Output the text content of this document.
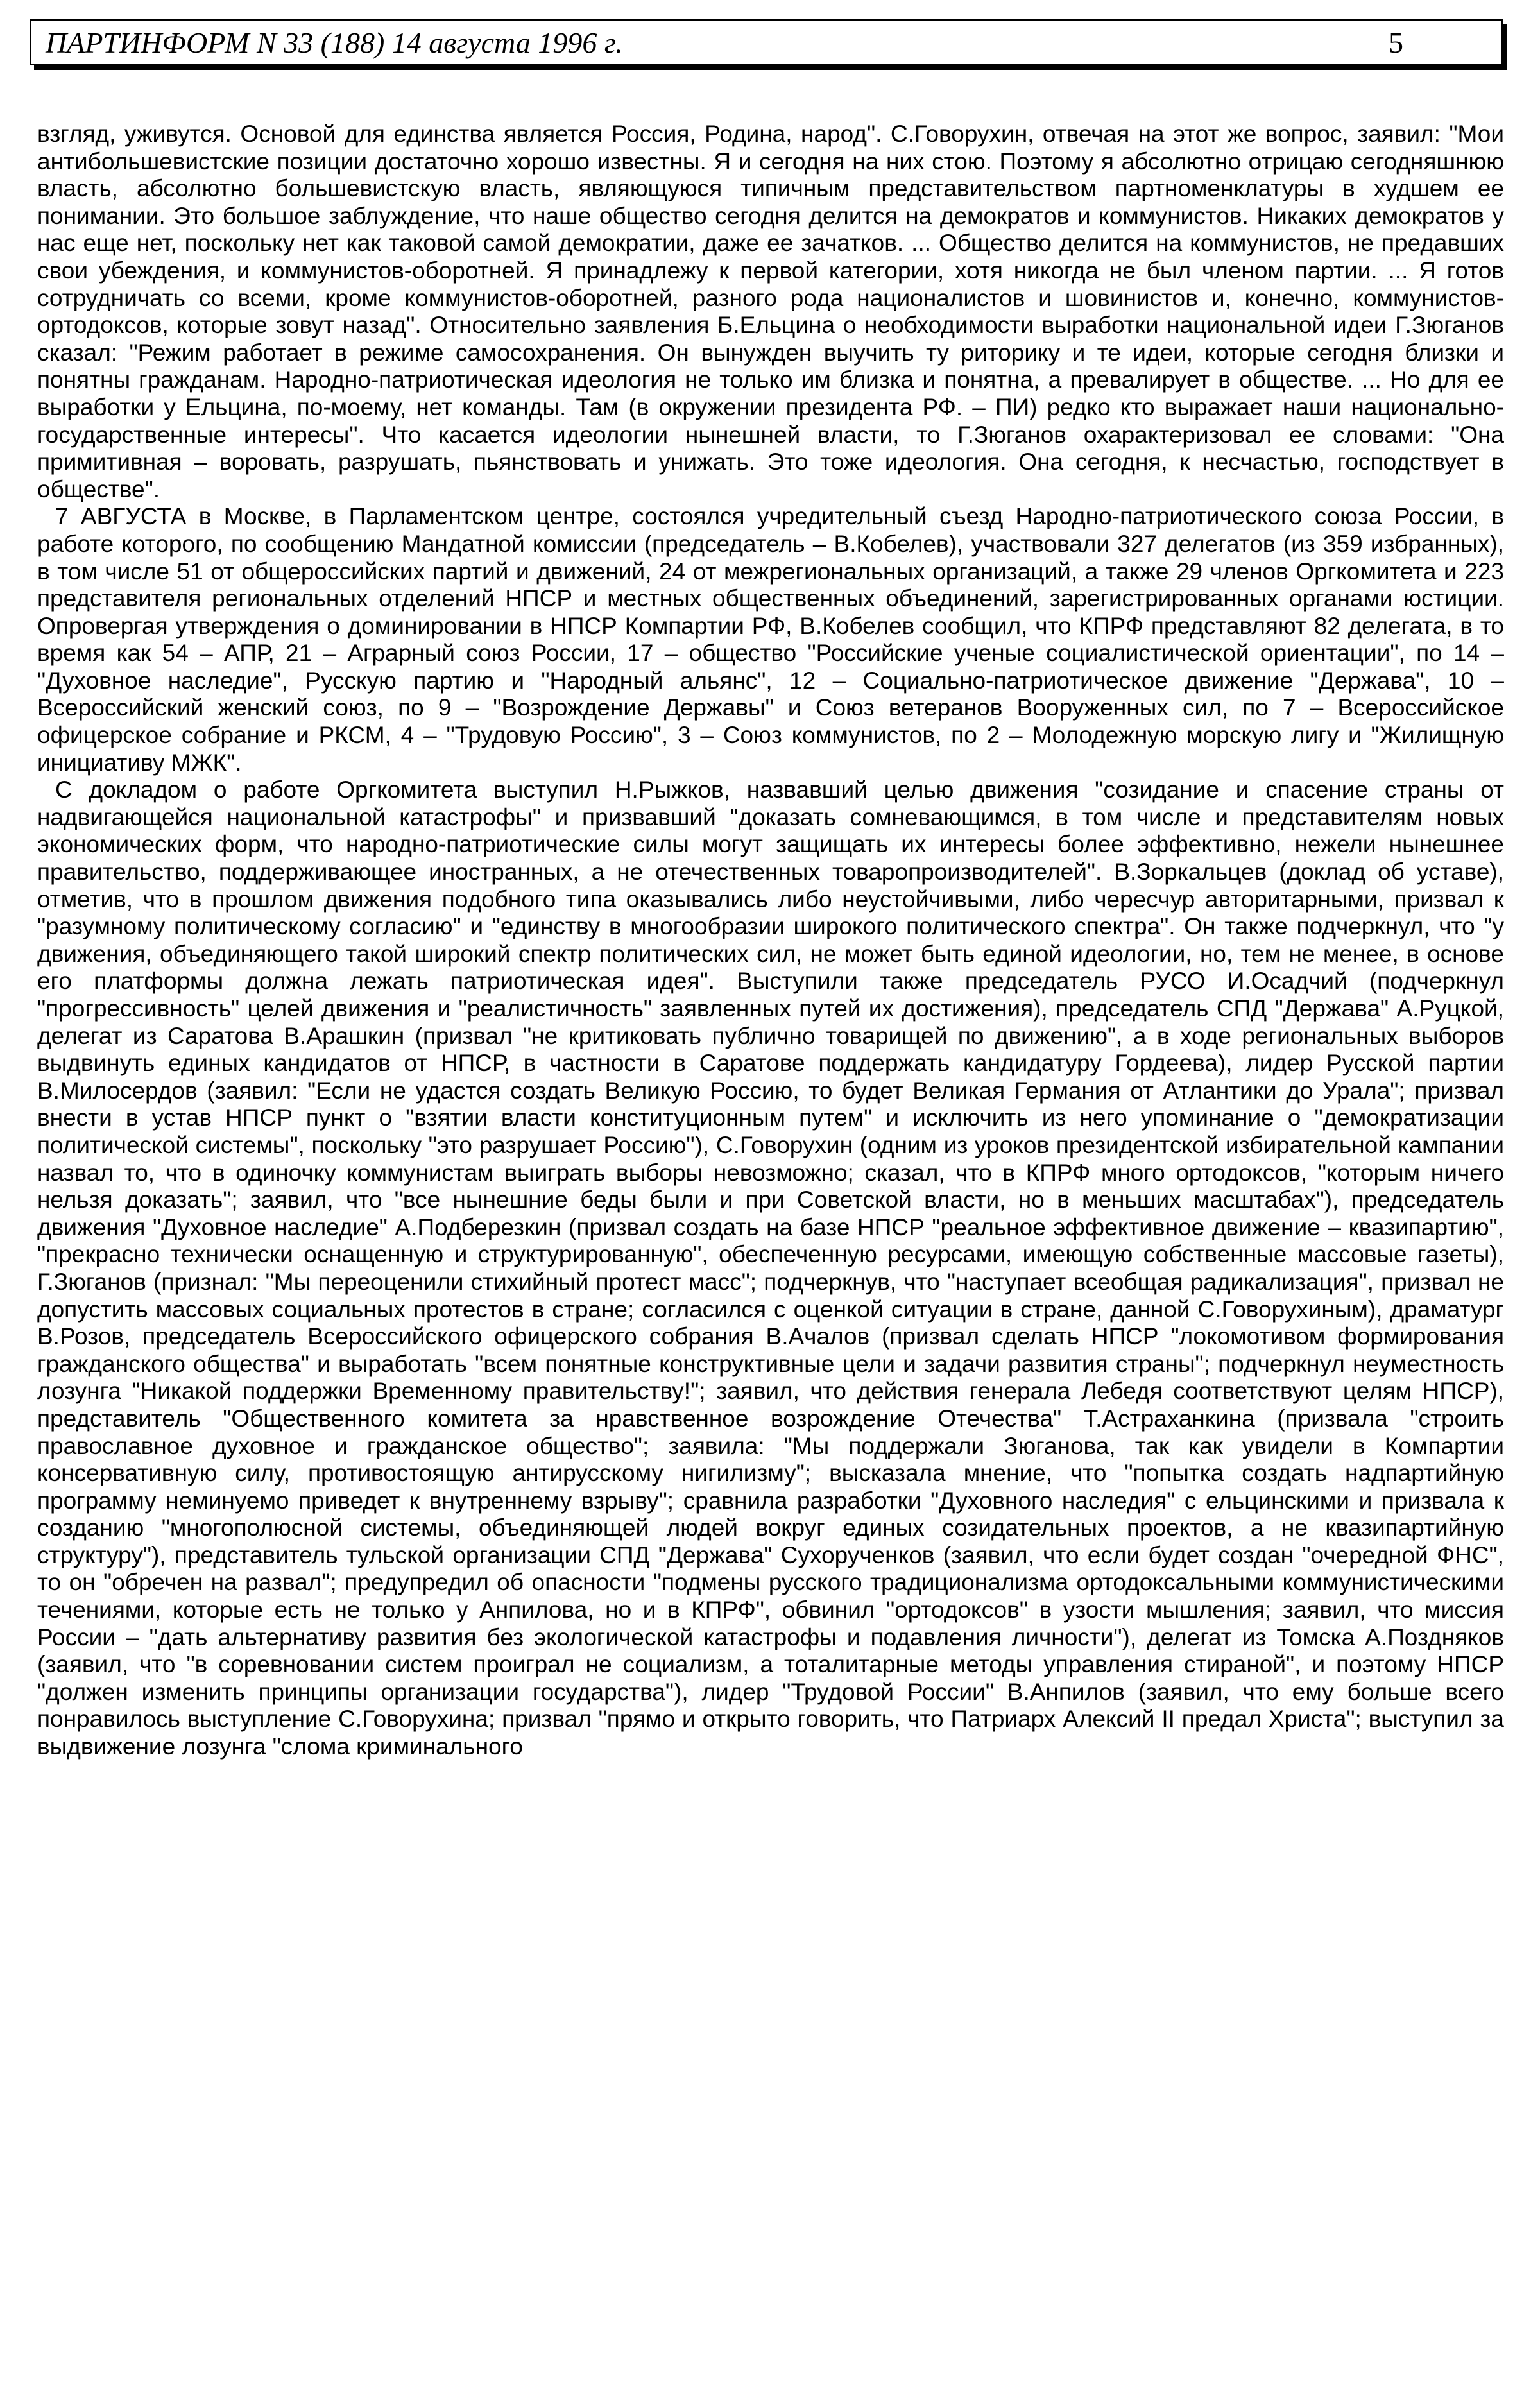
ПАРТИНФОРМ N 33 (188) 14 августа 1996 г.	5

взгляд, уживутся. Основой для единства является Россия, Родина, народ". С.Говорухин, отвечая на этот же вопрос, заявил: "Мои антибольшевистские позиции достаточно хорошо известны. Я и сегодня на них стою. Поэтому я абсолютно отрицаю сегодняшнюю власть, абсолютно большевистскую власть, являющуюся типичным представительством партноменклатуры в худшем ее понимании. Это большое заблуждение, что наше общество сегодня делится на демократов и коммунистов. Никаких демократов у нас еще нет, поскольку нет как таковой самой демократии, даже ее зачатков. ... Общество делится на коммунистов, не предавших свои убеждения, и коммунистов-оборотней. Я принадлежу к первой категории, хотя никогда не был членом партии. ... Я готов сотрудничать со всеми, кроме коммунистов-оборотней, разного рода националистов и шовинистов и, конечно, коммунистов-ортодоксов, которые зовут назад". Относительно заявления Б.Ельцина о необходимости выработки национальной идеи Г.Зюганов сказал: "Режим работает в режиме самосохранения. Он вынужден выучить ту риторику и те идеи, которые сегодня близки и понятны гражданам. Народно-патриотическая идеология не только им близка и понятна, а превалирует в обществе. ... Но для ее выработки у Ельцина, по-моему, нет команды. Там (в окружении президента РФ. – ПИ) редко кто выражает наши национально-государственные интересы". Что касается идеологии нынешней власти, то Г.Зюганов охарактеризовал ее словами: "Она примитивная – воровать, разрушать, пьянствовать и унижать. Это тоже идеология. Она сегодня, к несчастью, господствует в обществе".

7 АВГУСТА в Москве, в Парламентском центре, состоялся учредительный съезд Народно-патриотического союза России, в работе которого, по сообщению Мандатной комиссии (председатель – В.Кобелев), участвовали 327 делегатов (из 359 избранных), в том числе 51 от общероссийских партий и движений, 24 от межрегиональных организаций, а также 29 членов Оргкомитета и 223 представителя региональных отделений НПСР и местных общественных объединений, зарегистрированных органами юстиции. Опровергая утверждения о доминировании в НПСР Компартии РФ, В.Кобелев сообщил, что КПРФ представляют 82 делегата, в то время как 54 – АПР, 21 – Аграрный союз России, 17 – общество "Российские ученые социалистической ориентации", по 14 – "Духовное наследие", Русскую партию и "Народный альянс", 12 – Социально-патриотическое движение "Держава", 10 – Всероссийский женский союз, по 9 – "Возрождение Державы" и Союз ветеранов Вооруженных сил, по 7 – Всероссийское офицерское собрание и РКСМ, 4 – "Трудовую Россию", 3 – Союз коммунистов, по 2 – Молодежную морскую лигу и "Жилищную инициативу МЖК".

С докладом о работе Оргкомитета выступил Н.Рыжков, назвавший целью движения "созидание и спасение страны от надвигающейся национальной катастрофы" и призвавший "доказать сомневающимся, в том числе и представителям новых экономических форм, что народно-патриотические силы могут защищать их интересы более эффективно, нежели нынешнее правительство, поддерживающее иностранных, а не отечественных товаропроизводителей". В.Зоркальцев (доклад об уставе), отметив, что в прошлом движения подобного типа оказывались либо неустойчивыми, либо чересчур авторитарными, призвал к "разумному политическому согласию" и "единству в многообразии широкого политического спектра". Он также подчеркнул, что "у движения, объединяющего такой широкий спектр политических сил, не может быть единой идеологии, но, тем не менее, в основе его платформы должна лежать патриотическая идея". Выступили также председатель РУСО И.Осадчий (подчеркнул "прогрессивность" целей движения и "реалистичность" заявленных путей их достижения), председатель СПД "Держава" А.Руцкой, делегат из Саратова В.Арашкин (призвал "не критиковать публично товарищей по движению", а в ходе региональных выборов выдвинуть единых кандидатов от НПСР, в частности в Саратове поддержать кандидатуру Гордеева), лидер Русской партии В.Милосердов (заявил: "Если не удастся создать Великую Россию, то будет Великая Германия от Атлантики до Урала"; призвал внести в устав НПСР пункт о "взятии власти конституционным путем" и исключить из него упоминание о "демократизации политической системы", поскольку "это разрушает Россию"), С.Говорухин (одним из уроков президентской избирательной кампании назвал то, что в одиночку коммунистам выиграть выборы невозможно; сказал, что в КПРФ много ортодоксов, "которым ничего нельзя доказать"; заявил, что "все нынешние беды были и при Советской власти, но в меньших масштабах"), председатель движения "Духовное наследие" А.Подберезкин (призвал создать на базе НПСР "реальное эффективное движение – квазипартию", "прекрасно технически оснащенную и структурированную", обеспеченную ресурсами, имеющую собственные массовые газеты), Г.Зюганов (признал: "Мы переоценили стихийный протест масс"; подчеркнув, что "наступает всеобщая радикализация", призвал не допустить массовых социальных протестов в стране; согласился с оценкой ситуации в стране, данной С.Говорухиным), драматург В.Розов, председатель Всероссийского офицерского собрания В.Ачалов (призвал сделать НПСР "локомотивом формирования гражданского общества" и выработать "всем понятные конструктивные цели и задачи развития страны"; подчеркнул неуместность лозунга "Никакой поддержки Временному правительству!"; заявил, что действия генерала Лебедя соответствуют целям НПСР), представитель "Общественного комитета за нравственное возрождение Отечества" Т.Астраханкина (призвала "строить православное духовное и гражданское общество"; заявила: "Мы поддержали Зюганова, так как увидели в Компартии консервативную силу, противостоящую антирусскому нигилизму"; высказала мнение, что "попытка создать надпартийную программу неминуемо приведет к внутреннему взрыву"; сравнила разработки "Духовного наследия" с ельцинскими и призвала к созданию "многополюсной системы, объединяющей людей вокруг единых созидательных проектов, а не квазипартийную структуру"), представитель тульской организации СПД "Держава" Сухорученков (заявил, что если будет создан "очередной ФНС", то он "обречен на развал"; предупредил об опасности "подмены русского традиционализма ортодоксальными коммунистическими течениями, которые есть не только у Анпилова, но и в КПРФ", обвинил "ортодоксов" в узости мышления; заявил, что миссия России – "дать альтернативу развития без экологической катастрофы и подавления личности"), делегат из Томска А.Поздняков (заявил, что "в соревновании систем проиграл не социализм, а тоталитарные методы управления стираной", и поэтому НПСР "должен изменить принципы организации государства"), лидер "Трудовой России" В.Анпилов (заявил, что ему больше всего понравилось выступление С.Говорухина; призвал "прямо и открыто говорить, что Патриарх Алексий II предал Христа"; выступил за выдвижение лозунга "слома криминального
